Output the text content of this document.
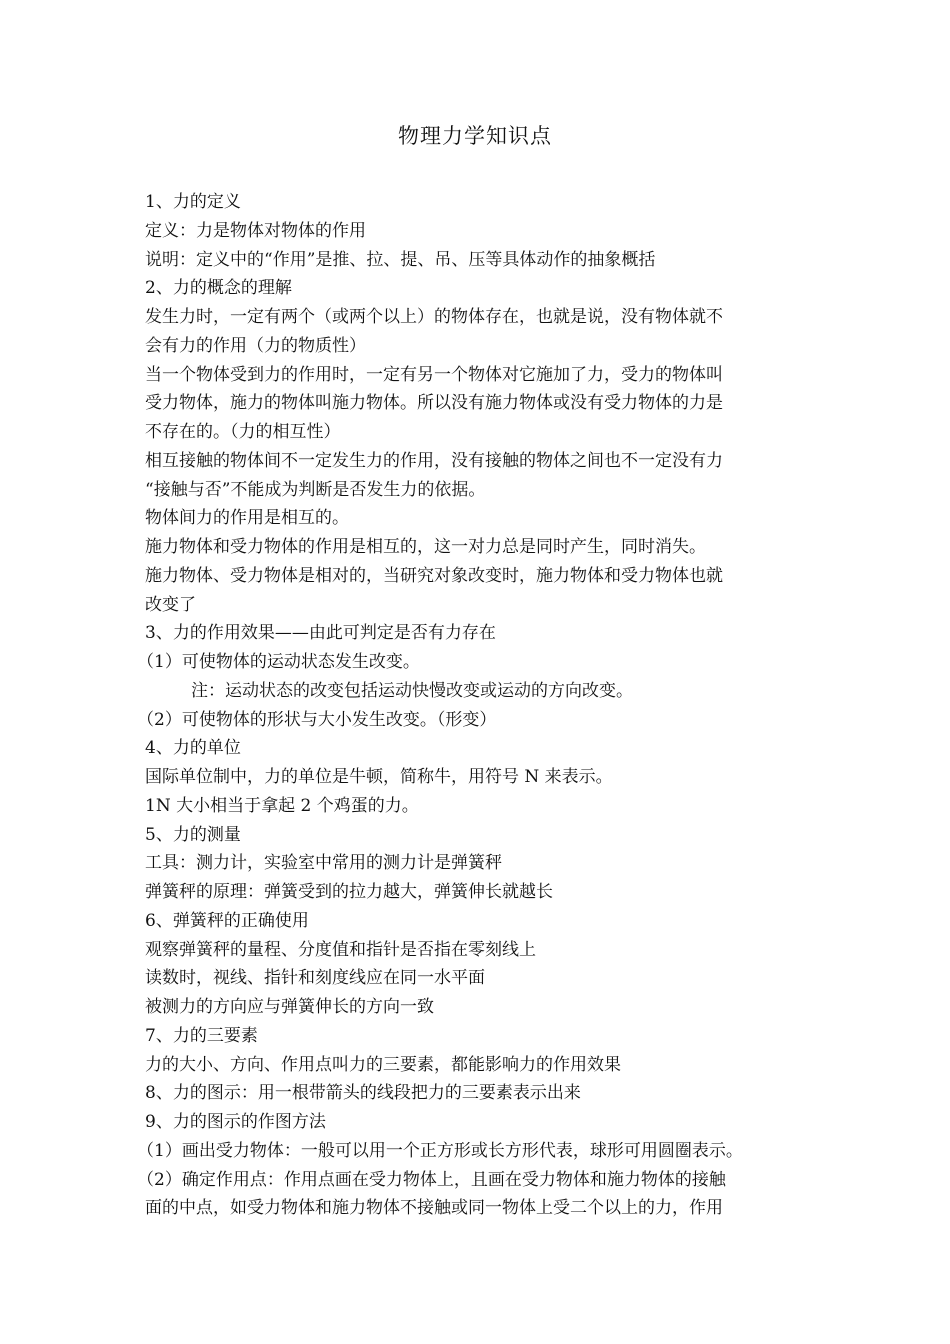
物理力学知识点
1、力的定义
定义：力是物体对物体的作用
说明：定义中的“作用”是推、拉、提、吊、压等具体动作的抽象概括
2、力的概念的理解
发生力时，一定有两个（或两个以上）的物体存在，也就是说，没有物体就不
会有力的作用（力的物质性）
当一个物体受到力的作用时，一定有另一个物体对它施加了力，受力的物体叫
受力物体，施力的物体叫施力物体。所以没有施力物体或没有受力物体的力是
不存在的。（力的相互性）
相互接触的物体间不一定发生力的作用，没有接触的物体之间也不一定没有力
“接触与否”不能成为判断是否发生力的依据。
物体间力的作用是相互的。
施力物体和受力物体的作用是相互的，这一对力总是同时产生，同时消失。
施力物体、受力物体是相对的，当研究对象改变时，施力物体和受力物体也就
改变了
3、力的作用效果——由此可判定是否有力存在
（1）可使物体的运动状态发生改变。
注：运动状态的改变包括运动快慢改变或运动的方向改变。
（2）可使物体的形状与大小发生改变。（形变）
4、力的单位
国际单位制中，力的单位是牛顿，简称牛，用符号 N 来表示。
1N 大小相当于拿起 2 个鸡蛋的力。
5、力的测量
工具：测力计，实验室中常用的测力计是弹簧秤
弹簧秤的原理：弹簧受到的拉力越大，弹簧伸长就越长
6、弹簧秤的正确使用
观察弹簧秤的量程、分度值和指针是否指在零刻线上
读数时，视线、指针和刻度线应在同一水平面
被测力的方向应与弹簧伸长的方向一致
7、力的三要素
力的大小、方向、作用点叫力的三要素，都能影响力的作用效果
8、力的图示：用一根带箭头的线段把力的三要素表示出来
9、力的图示的作图方法
（1）画出受力物体：一般可以用一个正方形或长方形代表，球形可用圆圈表示。
（2）确定作用点：作用点画在受力物体上，且画在受力物体和施力物体的接触
面的中点，如受力物体和施力物体不接触或同一物体上受二个以上的力，作用
